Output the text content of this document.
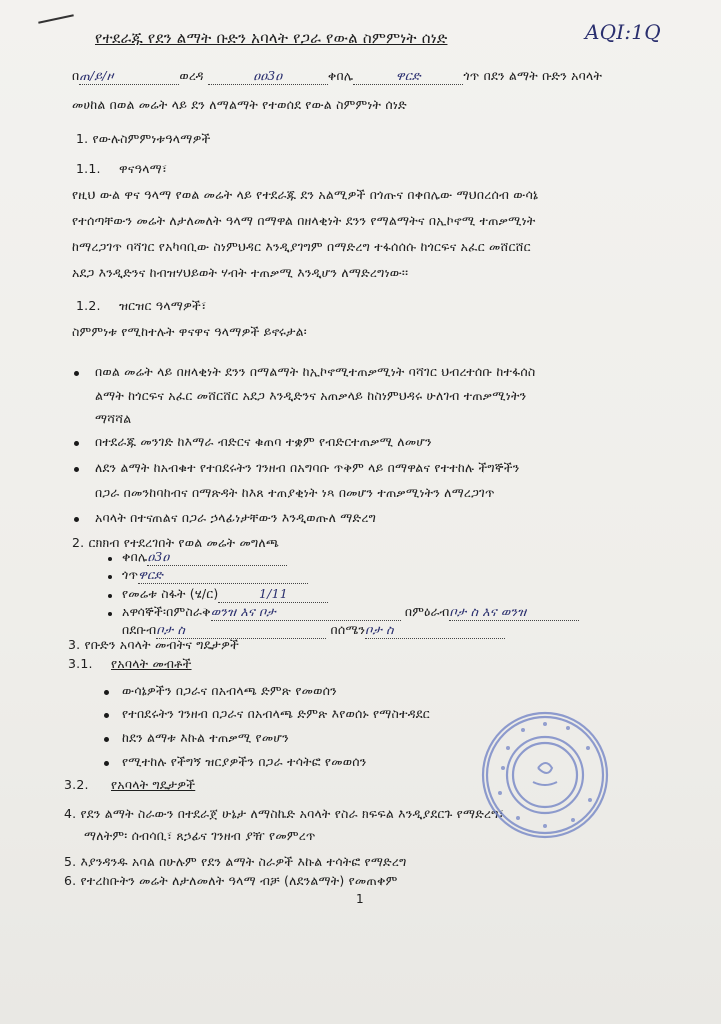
የተደራጁ የደን ልማት ቡድን አባላት የጋራ የውል ስምምነት ሰነድ	AQI:1Q
በጠ/ይ/ዞ	ወረዳ	ዐዐ3ዐ	ቀበሌ	ዋርድ	ጎጥ በደን ልማት ቡድን አባላት
መሀከል በወል መሬት ላይ ደን ለማልማት የተወሰደ የውል ስምምነት ሰነድ
1. የውሉስምምነቱዓላማዎች
1.1. ዋናዓላማ፣
የዚህ ውል ዋና ዓላማ የወል መሬት ላይ የተደራጁ ደን አልሚዎች በጎጡና በቀበሌው ማህበረሰብ ውሳኔ
የተሰጣቸውን መሬት ለታለመለት ዓላማ በማዋል በዘላቂነት ደንን የማልማትና በኢኮኖሚ ተጠቃሚነት
ከማረጋገጥ ባሻገር የአካባቢው ስነምህዳር እንዲያገግም በማድረግ ተፋሰሰሱ ከጎርፍና አፈር መሸርሸር
አደጋ እንዲድንና ከብዝሃህይወት ሃብት ተጠቃሚ እንዲሆን ለማድረግነው፡፡
1.2. ዝርዝር ዓላማዎች፣
ስምምነቱ የሚከተሉት ዋናዋና ዓላማዎች ይኖሩታል፡
በወል መሬት ላይ በዘላቂነት ደንን በማልማት ከኢኮኖሚተጠቃሚነት ባሻገር ህብረተሰቡ ከተፋሰስ
ልማት ከጎርፍና አፈር መሸርሸር አደጋ እንዲድንና አጠቃላይ ከስነምህዳሩ ሁለገብ ተጠቃሚነትን
ማሻሻል
በተደራጁ መንገድ ከእማራ ብድርና ቁጠባ ተቋም የብድርተጠቃሚ ለመሆን
ለደን ልማት ከአብቁተ የተበደሩትን ገንዘብ በአግባቡ ጥቅም ላይ በማዋልና የተተከሉ ችግኞችን
በጋራ በመንከባከብና በማጽዳት ከእጸ ተጠያቂነት ነጻ በመሆን ተጠቃሚነትን ለማረጋገጥ
አባላት በተናጠልና በጋራ ኃላፊነታቸውን እንዲወጡለ ማድረግ
2. ርክክብ የተደረገበት የወል መሬት መግለጫ
ቀበሌዐ3ዐ
ጎጥዋርድ
የመሬቱ ስፋት (ሄ/ር)	1/11
አዋሳኞች፡በምስራቅወንዝ እና ቦታ	በምዕራብቦታ ስ እና ወንዝ
በደቡብቦታ ስ	በሰሜንቦታ ስ
3. የቡድን አባላት መብትና ግዴታዎች
3.1. የአባላት መብቶች
ውሳኔዎችን በጋራና በአብላጫ ድምጽ የመወሰን
የተበደሩትን ገንዘብ በጋራና በአብላጫ ድምጽ እየወሰኑ የማስተዳደር
ከደን ልማቱ እኩል ተጠቃሚ የመሆን
የሚተከሉ የችግኝ ዝርያዎችን በጋራ ተሳትፎ የመወሰን
3.2. የአባላት ግዴታዎች
4. የደን ልማት ስራውን በተደራጀ ሁኔታ ለማስኬድ አባላት የስራ ክፍፍል እንዲያደርጉ የማድረግ፣
ማለትም፡ ሰብሳቢ፣ ጸኃፊና ገንዘብ ያዥ የመምረጥ
5. እያንዳንዱ አባል በሁሉም የደን ልማት ስራዎች እኩል ተሳትፎ የማድረግ
6. የተረከቡትን መሬት ለታለመለት ዓላማ ብቻ (ለደንልማት) የመጠቀም
1
